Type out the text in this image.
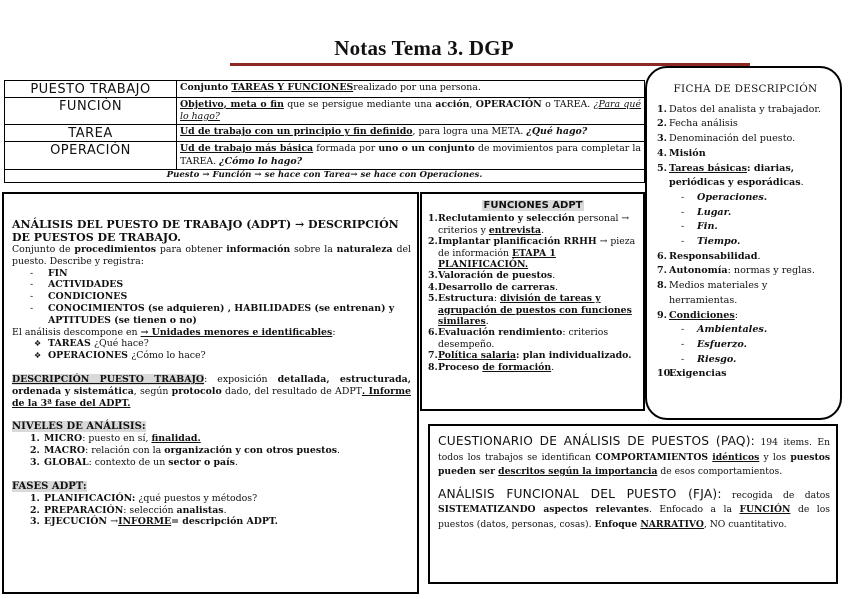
Notas Tema 3. DGP
PUESTO TRABAJO	Conjunto TAREAS Y FUNCIONESrealizado por una persona.
FUNCIÓN	Objetivo, meta o fin que se persigue mediante una acción, OPERACIÓN o TAREA. ¿Para qué lo hago?
TAREA	Ud de trabajo con un principio y fin definido, para logra una META. ¿Qué hago?
OPERACIÓN	Ud de trabajo más básica formada por uno o un conjunto de movimientos para completar la TAREA. ¿Cómo lo hago?
Puesto → Función → se hace con Tarea→ se hace con Operaciones.	
FICHA DE DESCRIPCIÓN
1. Datos del analista y trabajador.
2. Fecha análisis
3. Denominación del puesto.
4. Misión
5. Tareas básicas: diarias, periódicas y esporádicas.
- Operaciones.
- Lugar.
- Fin.
- Tiempo.
6. Responsabilidad.
7. Autonomía: normas y reglas.
8. Medios materiales y herramientas.
9. Condiciones:
- Ambientales.
- Esfuerzo.
- Riesgo.
10.
Exigencias
ANÁLISIS DEL PUESTO DE TRABAJO (ADPT) → DESCRIPCIÓN DE PUESTOS DE TRABAJO.

Conjunto de procedimientos para obtener información sobre la naturaleza del puesto. Describe y registra:

- FIN
- ACTIVIDADES
- CONDICIONES
- CONOCIMIENTOS (se adquieren) , HABILIDADES (se entrenan) y APTITUDES (se tienen o no)

El análisis descompone en → Unidades menores e identificables:

❖ TAREAS ¿Qué hace?
❖ OPERACIONES ¿Cómo lo hace?

DESCRIPCIÓN PUESTO TRABAJO: exposición detallada, estructurada, ordenada y sistemática, según protocolo dado, del resultado de ADPT. Informe de la 3ª fase del ADPT.

NIVELES DE ANÁLISIS:
1. MICRO: puesto en sí, finalidad.
2. MACRO: relación con la organización y con otros puestos.
3. GLOBAL: contexto de un sector o país.
FASES ADPT:
1. PLANIFICACIÓN: ¿qué puestos y métodos?
2. PREPARACIÓN: selección analistas.
3. EJECUCIÓN →INFORME= descripción ADPT.
FUNCIONES ADPT
1. Reclutamiento y selección personal → criterios y entrevista.
2. Implantar planificación RRHH → pieza de información ETAPA 1 PLANIFICACIÓN.
3. Valoración de puestos.
4. Desarrollo de carreras.
5. Estructura: división de tareas y agrupación de puestos con funciones similares.
6. Evaluación rendimiento: criterios desempeño.
7. Política salaria: plan individualizado.
8. Proceso de formación.

CUESTIONARIO DE ANÁLISIS DE PUESTOS (PAQ): 194 items. En todos los trabajos se identifican COMPORTAMIENTOS idénticos y los puestos pueden ser descritos según la importancia de esos comportamientos.

ANÁLISIS FUNCIONAL DEL PUESTO (FJA): recogida de datos SISTEMATIZANDO aspectos relevantes. Enfocado a la FUNCIÓN de los puestos (datos, personas, cosas). Enfoque NARRATIVO, NO cuantitativo.
